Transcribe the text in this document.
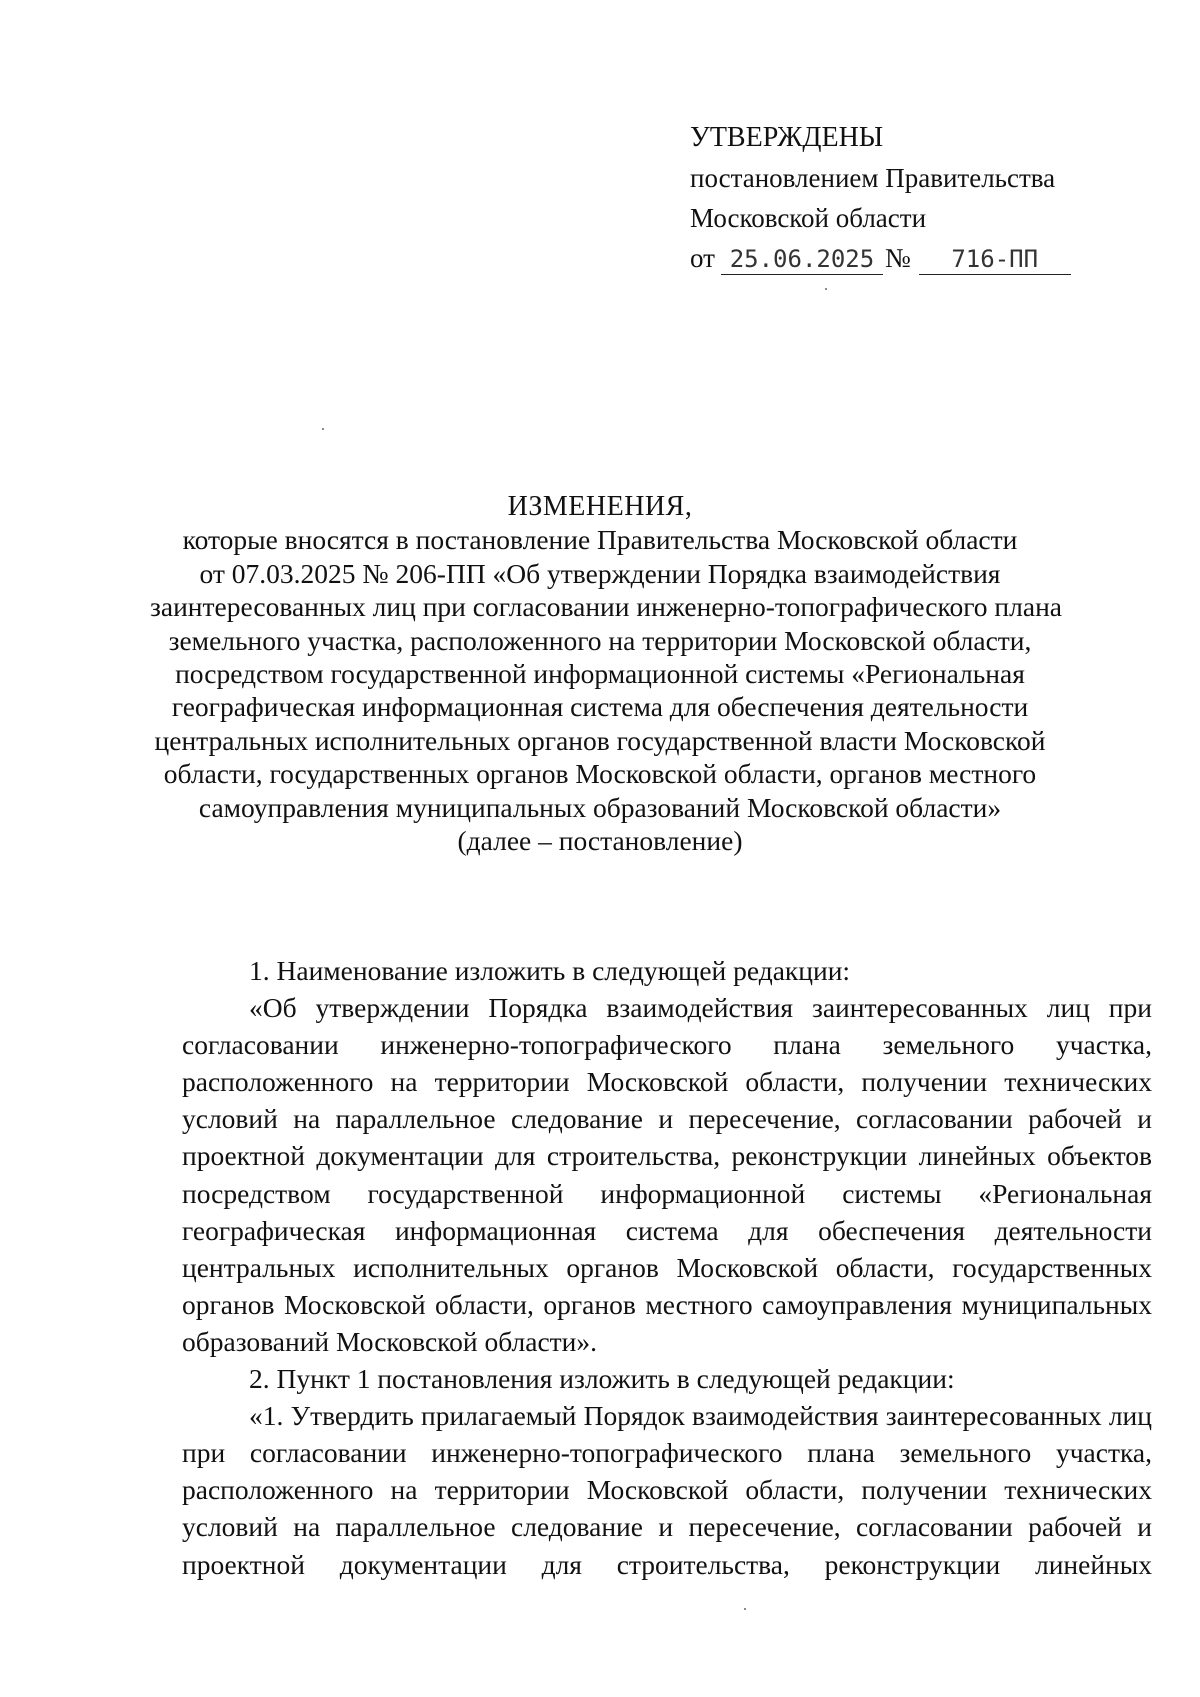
УТВЕРЖДЕНЫ
постановлением Правительства
Московской области
от 25.06.2025 №	716-ПП
ИЗМЕНЕНИЯ,
которые вносятся в постановление Правительства Московской области
от 07.03.2025 № 206-ПП «Об утверждении Порядка взаимодействия
заинтересованных лиц при согласовании инженерно-топографического плана
земельного участка, расположенного на территории Московской области,
посредством государственной информационной системы «Региональная
географическая информационная система для обеспечения деятельности
центральных исполнительных органов государственной власти Московской
области, государственных органов Московской области, органов местного
самоуправления муниципальных образований Московской области»
(далее – постановление)

1. Наименование изложить в следующей редакции:

«Об утверждении Порядка взаимодействия заинтересованных лиц при согласовании инженерно-топографического плана земельного участка, расположенного на территории Московской области, получении технических условий на параллельное следование и пересечение, согласовании рабочей и проектной документации для строительства, реконструкции линейных объектов посредством государственной информационной системы «Региональная географическая информационная система для обеспечения деятельности центральных исполнительных органов Московской области, государственных органов Московской области, органов местного самоуправления муниципальных образований Московской области».

2. Пункт 1 постановления изложить в следующей редакции:

«1. Утвердить прилагаемый Порядок взаимодействия заинтересованных лиц при согласовании инженерно-топографического плана земельного участка, расположенного на территории Московской области, получении технических условий на параллельное следование и пересечение, согласовании рабочей и проектной документации для строительства, реконструкции линейных
